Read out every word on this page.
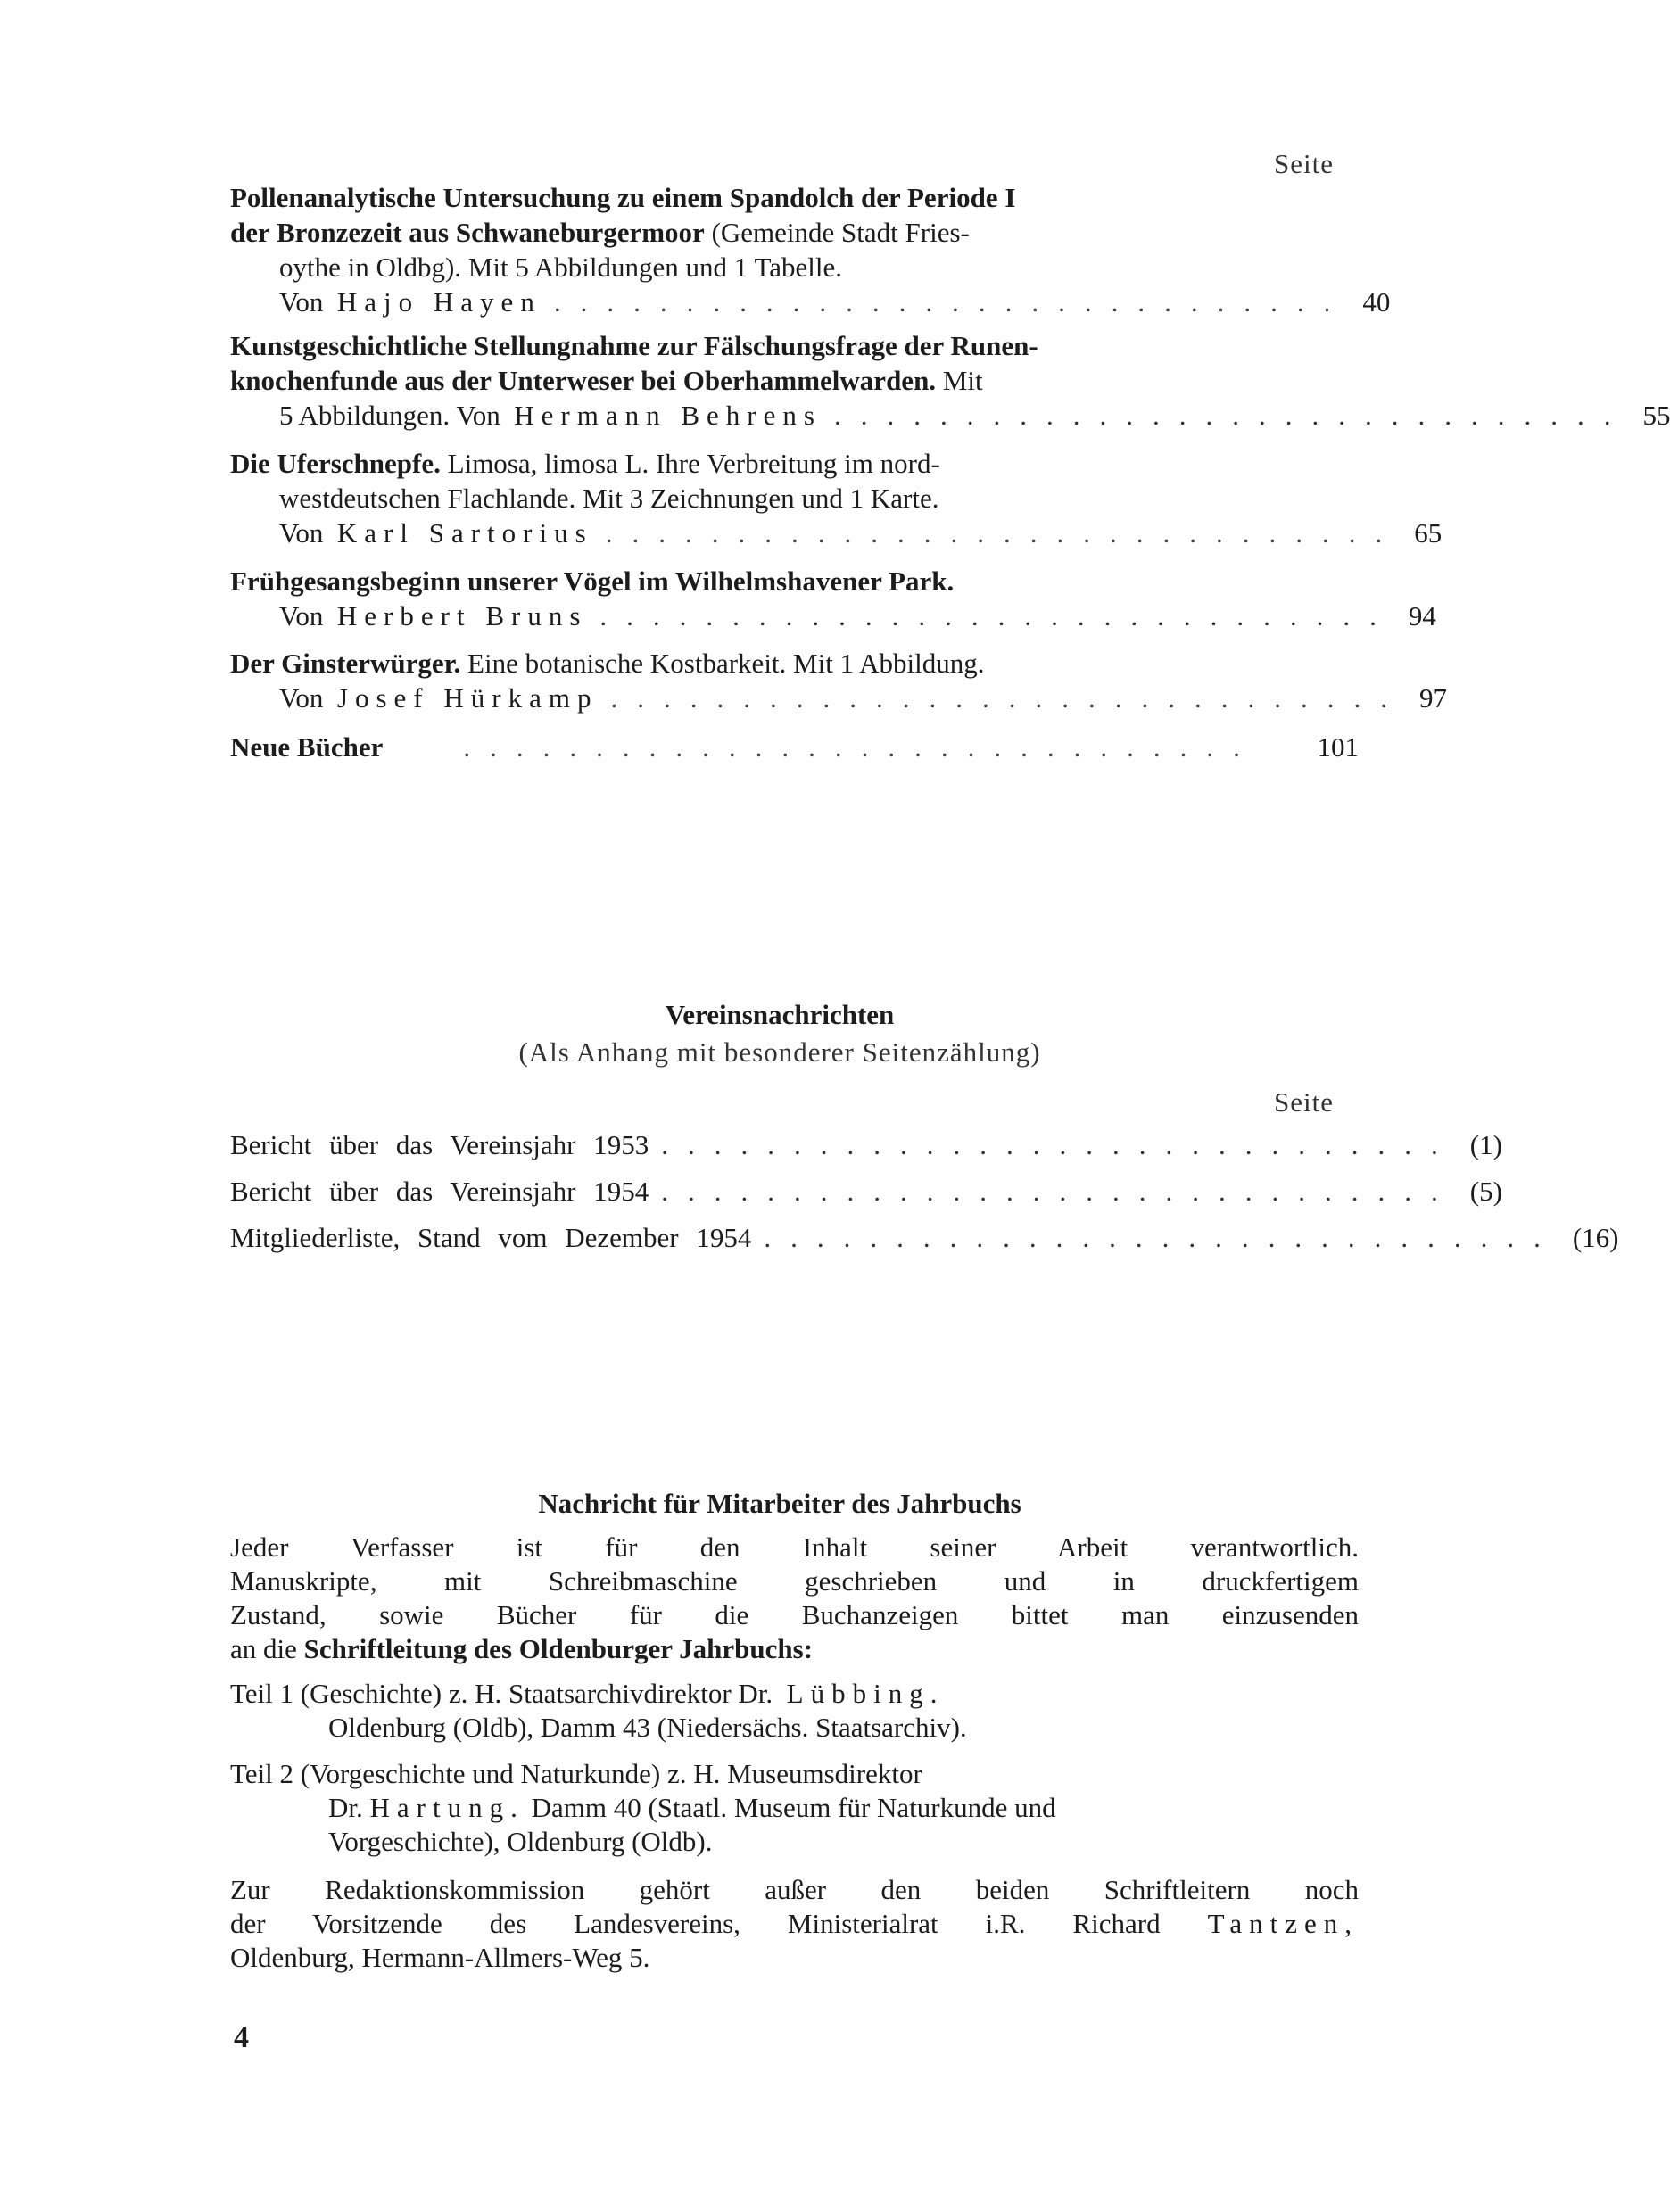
Seite
Pollenanalytische Untersuchung zu einem Spandolch der Periode I
der Bronzezeit aus Schwaneburgermoor (Gemeinde Stadt Fries-
oythe in Oldbg). Mit 5 Abbildungen und 1 Tabelle.
Von
Hajo Hayen .............................. 40
Kunstgeschichtliche Stellungnahme zur Fälschungsfrage der Runen-
knochenfunde aus der Unterweser bei Oberhammelwarden. Mit
5 Abbildungen. Von
Hermann Behrens .............................. 55
Die Uferschnepfe. Limosa, limosa L. Ihre Verbreitung im nord-
westdeutschen Flachlande. Mit 3 Zeichnungen und 1 Karte.
Von
Karl Sartorius .............................. 65
Frühgesangsbeginn unserer Vögel im Wilhelmshavener Park.
Von
Herbert Bruns .............................. 94
Der Ginsterwürger. Eine botanische Kostbarkeit. Mit 1 Abbildung.
Von
Josef Hürkamp .............................. 97
Neue Bücher	..............................	101
Vereinsnachrichten
(Als Anhang mit besonderer Seitenzählung)
Seite
Bericht über das Vereinsjahr 1953 .............................. (1)
Bericht über das Vereinsjahr 1954 .............................. (5)
Mitgliederliste, Stand vom Dezember 1954 .............................. (16)
Nachricht für Mitarbeiter des Jahrbuchs
Jeder Verfasser ist für den Inhalt seiner Arbeit verantwortlich.
Manuskripte, mit Schreibmaschine geschrieben und in druckfertigem
Zustand, sowie Bücher für die Buchanzeigen bittet man einzusenden
an die Schriftleitung des Oldenburger Jahrbuchs:
Teil 1 (Geschichte) z. H. Staatsarchivdirektor Dr. Lübbing.
Oldenburg (Oldb), Damm 43 (Niedersächs. Staatsarchiv).
Teil 2 (Vorgeschichte und Naturkunde) z. H. Museumsdirektor
Dr. Hartung. Damm 40 (Staatl. Museum für Naturkunde und
Vorgeschichte), Oldenburg (Oldb).
Zur Redaktionskommission gehört außer den beiden Schriftleitern noch
der Vorsitzende des Landesvereins, Ministerialrat i.R. Richard Tantzen,
Oldenburg, Hermann-Allmers-Weg 5.
4
